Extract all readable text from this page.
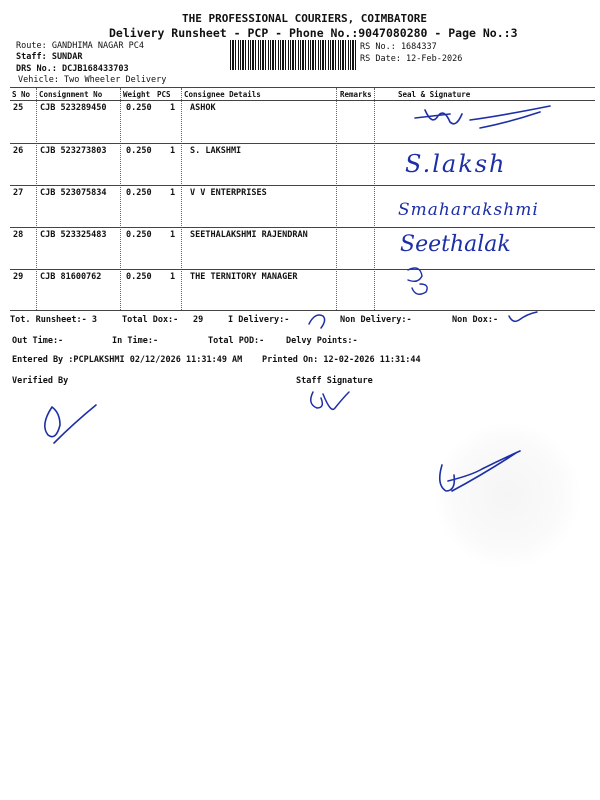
THE PROFESSIONAL COURIERS, COIMBATORE
Delivery Runsheet - PCP - Phone No.:9047080280 - Page No.:3
Route: GANDHIMA NAGAR PC4
Staff: SUNDAR
DRS No.: DCJB168433703
Vehicle: Two Wheeler Delivery
RS No.: 1684337
RS Date: 12-Feb-2026
S No Consignment No	Weight PCS Consignee Details	Remarks	Seal & Signature
25 CJB 523289450 0.250 1 ASHOK
26 CJB 523273803 0.250 1 S. LAKSHMI
27 CJB 523075834 0.250 1 V V ENTERPRISES
28 CJB 523325483 0.250 1 SEETHALAKSHMI RAJENDRAN
29 CJB 81600762	0.250 1 THE TERNITORY MANAGER
S.laksh
Smaharakshmi
Seethalak
Tot. Runsheet:- 3	Total Dox:- 29	I Delivery:-	Non Delivery:-	Non Dox:-
Out Time:-	In Time:-	Total POD:-	Delvy Points:-
Entered By :PCPLAKSHMI 02/12/2026 11:31:49 AM Printed On: 12-02-2026 11:31:44
Verified By	Staff Signature
